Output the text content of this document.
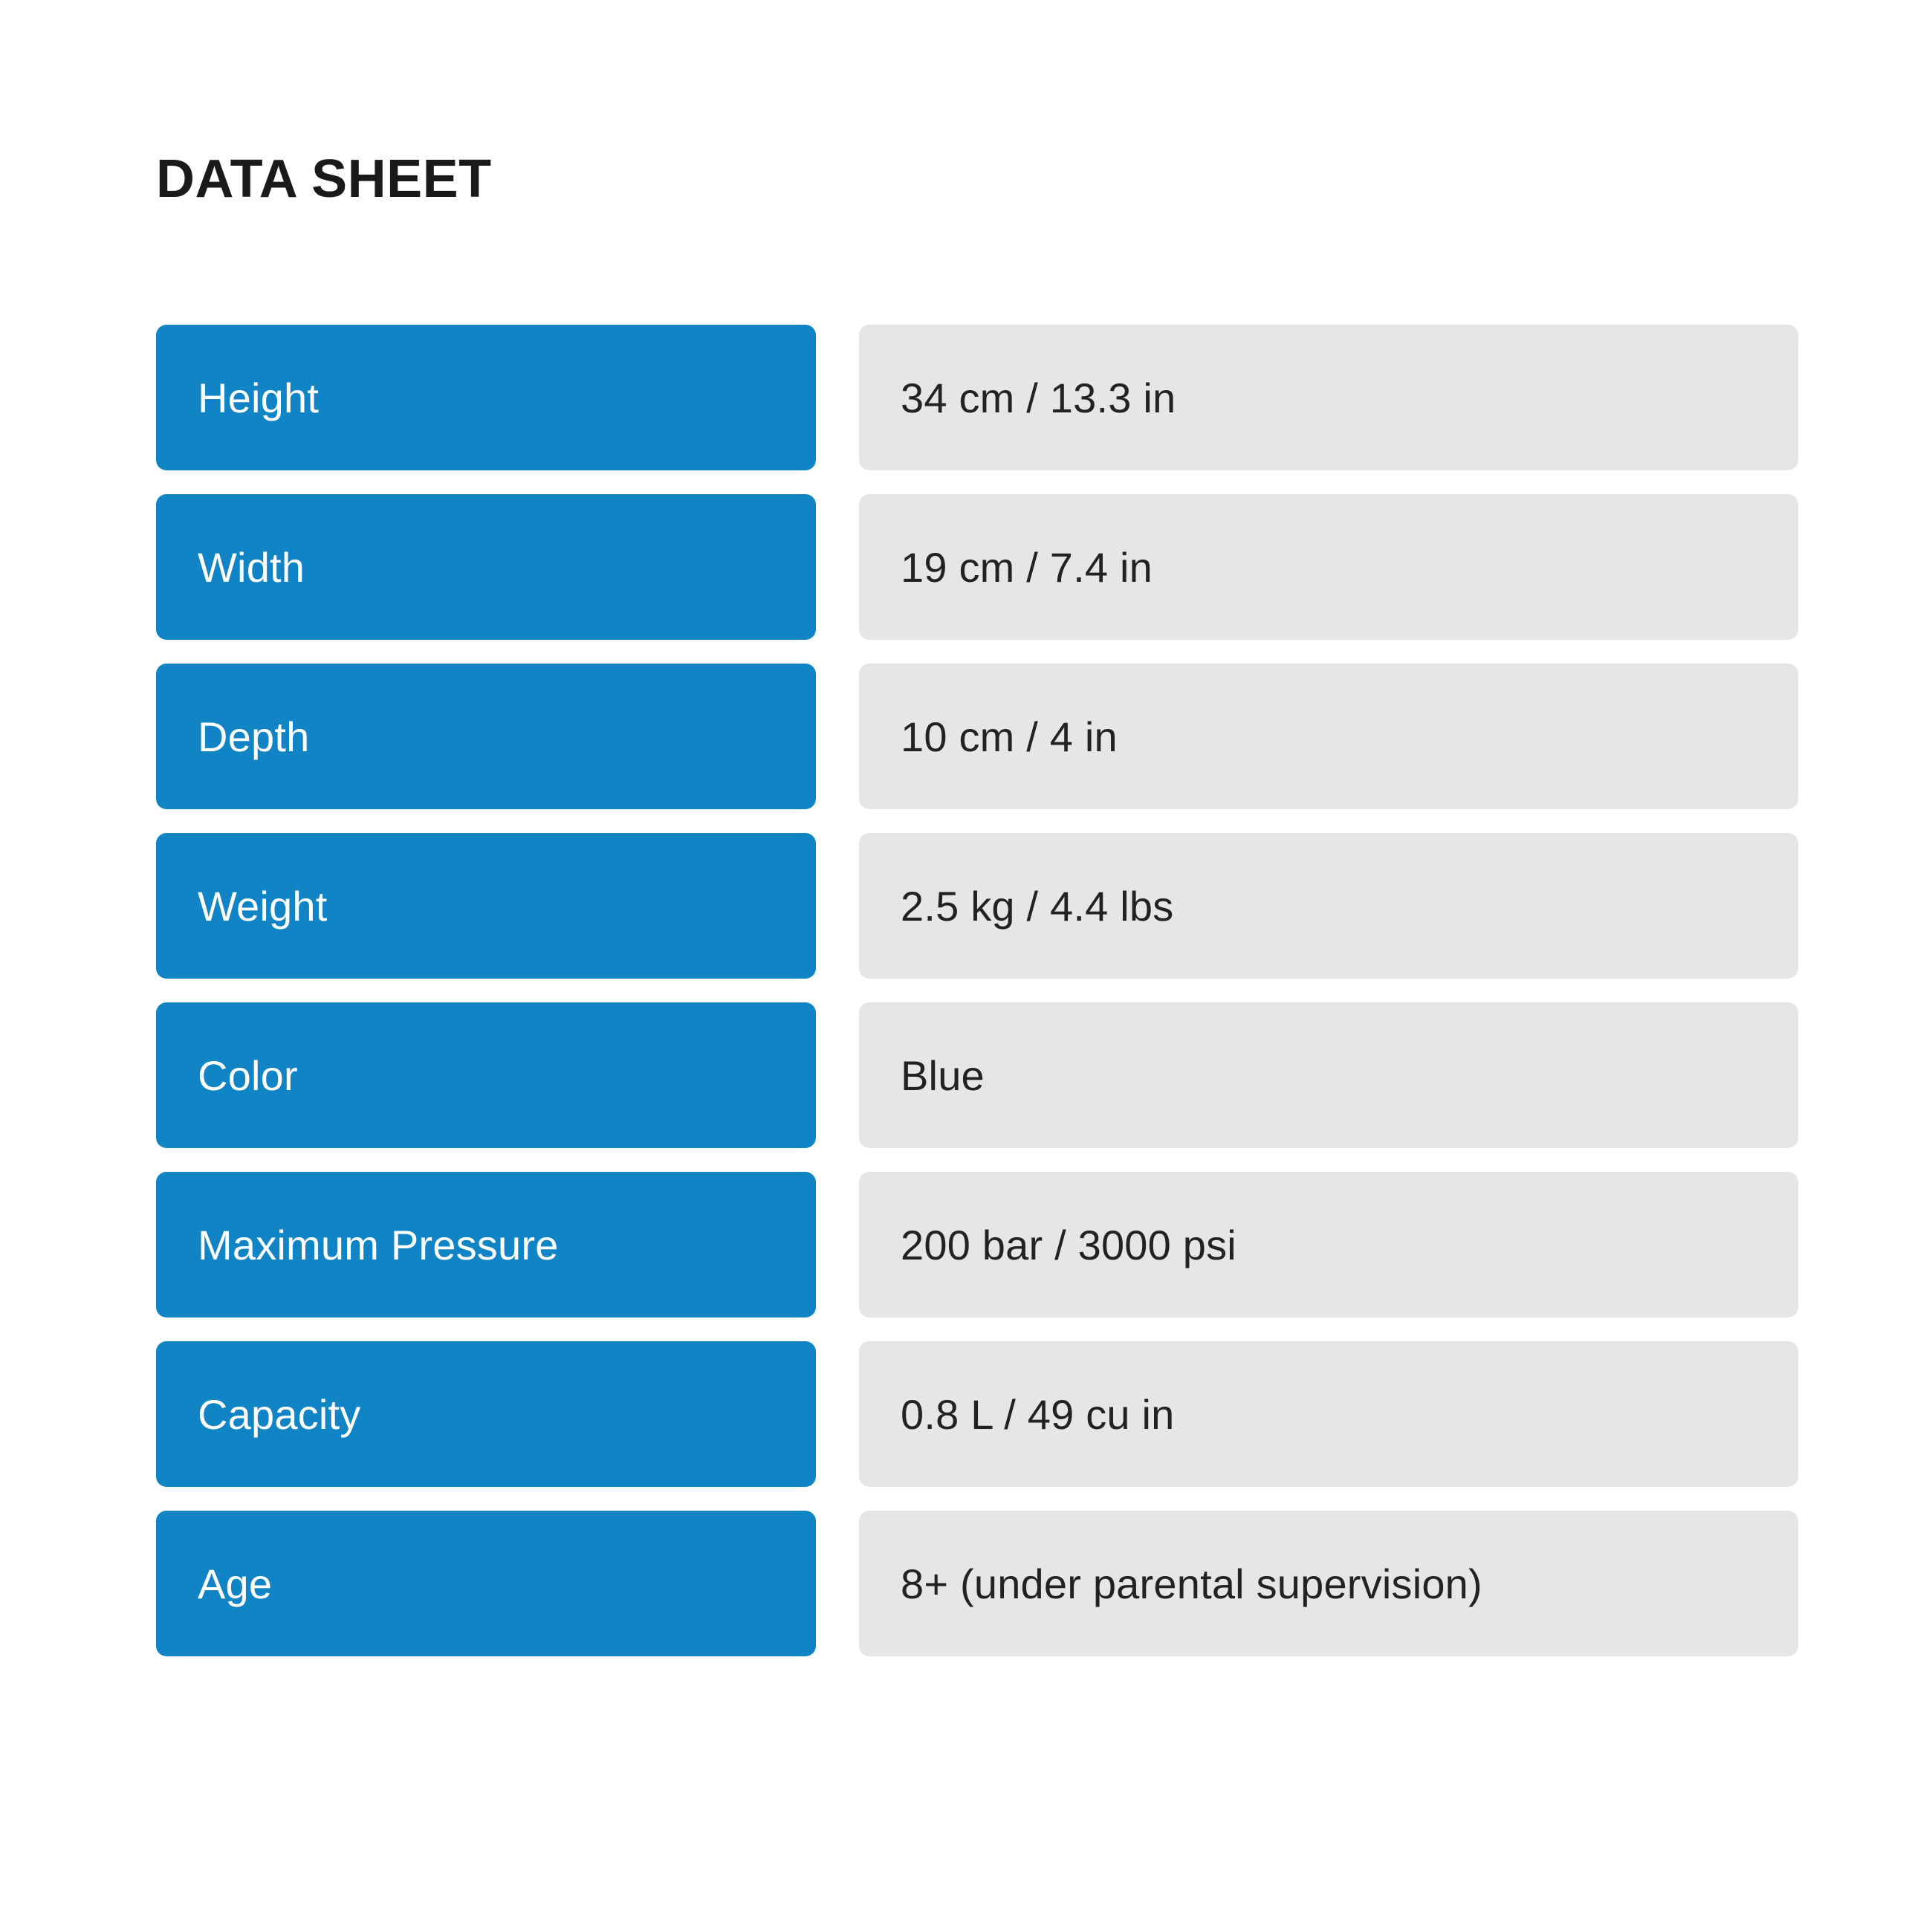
DATA SHEET
Height	34 cm / 13.3 in
Width	19 cm / 7.4 in
Depth	10 cm / 4 in
Weight	2.5 kg / 4.4 lbs
Color	Blue
Maximum Pressure	200 bar / 3000 psi
Capacity	0.8 L / 49 cu in
Age	8+ (under parental supervision)
